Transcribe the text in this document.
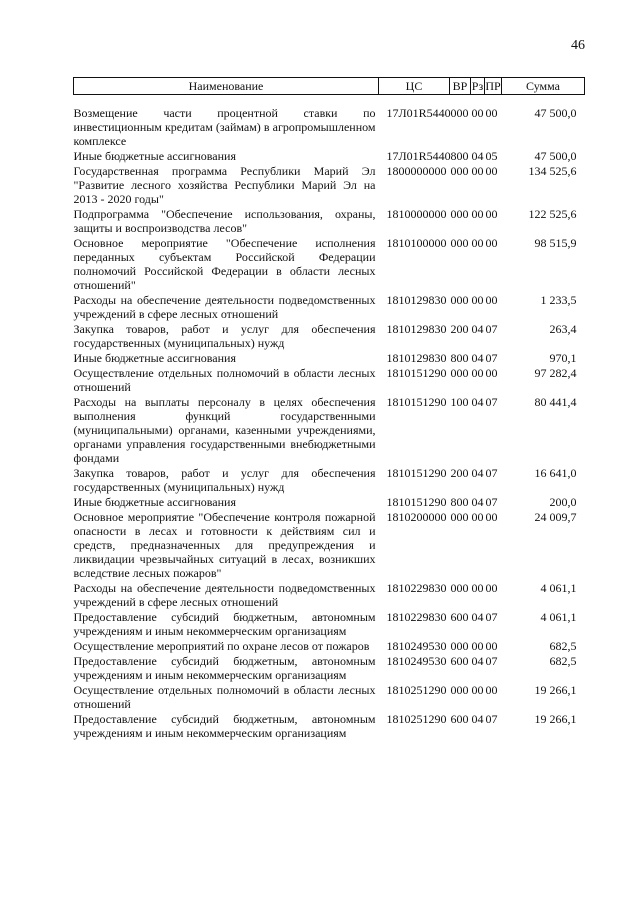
46
Наименование	ЦС	ВР	Рз	ПР	Сумма

Возмещение части процентной ставки по инвестиционным кредитам (займам) в агропромышленном комплексе	17Л01R5440	000	00	00	47 500,0
Иные бюджетные ассигнования	17Л01R5440	800	04	05	47 500,0
Государственная программа Республики Марий Эл "Развитие лесного хозяйства Республики Марий Эл на 2013 - 2020 годы"	1800000000	000	00	00	134 525,6
Подпрограмма "Обеспечение использования, охраны, защиты и воспроизводства лесов"	1810000000	000	00	00	122 525,6
Основное мероприятие "Обеспечение исполнения переданных субъектам Российской Федерации полномочий Российской Федерации в области лесных отношений"	1810100000	000	00	00	98 515,9
Расходы на обеспечение деятельности подведомственных учреждений в сфере лесных отношений	1810129830	000	00	00	1 233,5
Закупка товаров, работ и услуг для обеспечения государственных (муниципальных) нужд	1810129830	200	04	07	263,4
Иные бюджетные ассигнования	1810129830	800	04	07	970,1
Осуществление отдельных полномочий в области лесных отношений	1810151290	000	00	00	97 282,4
Расходы на выплаты персоналу в целях обеспечения выполнения функций государственными (муниципальными) органами, казенными учреждениями, органами управления государственными внебюджетными фондами	1810151290	100	04	07	80 441,4
Закупка товаров, работ и услуг для обеспечения государственных (муниципальных) нужд	1810151290	200	04	07	16 641,0
Иные бюджетные ассигнования	1810151290	800	04	07	200,0
Основное мероприятие "Обеспечение контроля пожарной опасности в лесах и готовности к действиям сил и средств, предназначенных для предупреждения и ликвидации чрезвычайных ситуаций в лесах, возникших вследствие лесных пожаров"	1810200000	000	00	00	24 009,7
Расходы на обеспечение деятельности подведомственных учреждений в сфере лесных отношений	1810229830	000	00	00	4 061,1
Предоставление субсидий бюджетным, автономным учреждениям и иным некоммерческим организациям	1810229830	600	04	07	4 061,1
Осуществление мероприятий по охране лесов от пожаров	1810249530	000	00	00	682,5
Предоставление субсидий бюджетным, автономным учреждениям и иным некоммерческим организациям	1810249530	600	04	07	682,5
Осуществление отдельных полномочий в области лесных отношений	1810251290	000	00	00	19 266,1
Предоставление субсидий бюджетным, автономным учреждениям и иным некоммерческим организациям	1810251290	600	04	07	19 266,1
